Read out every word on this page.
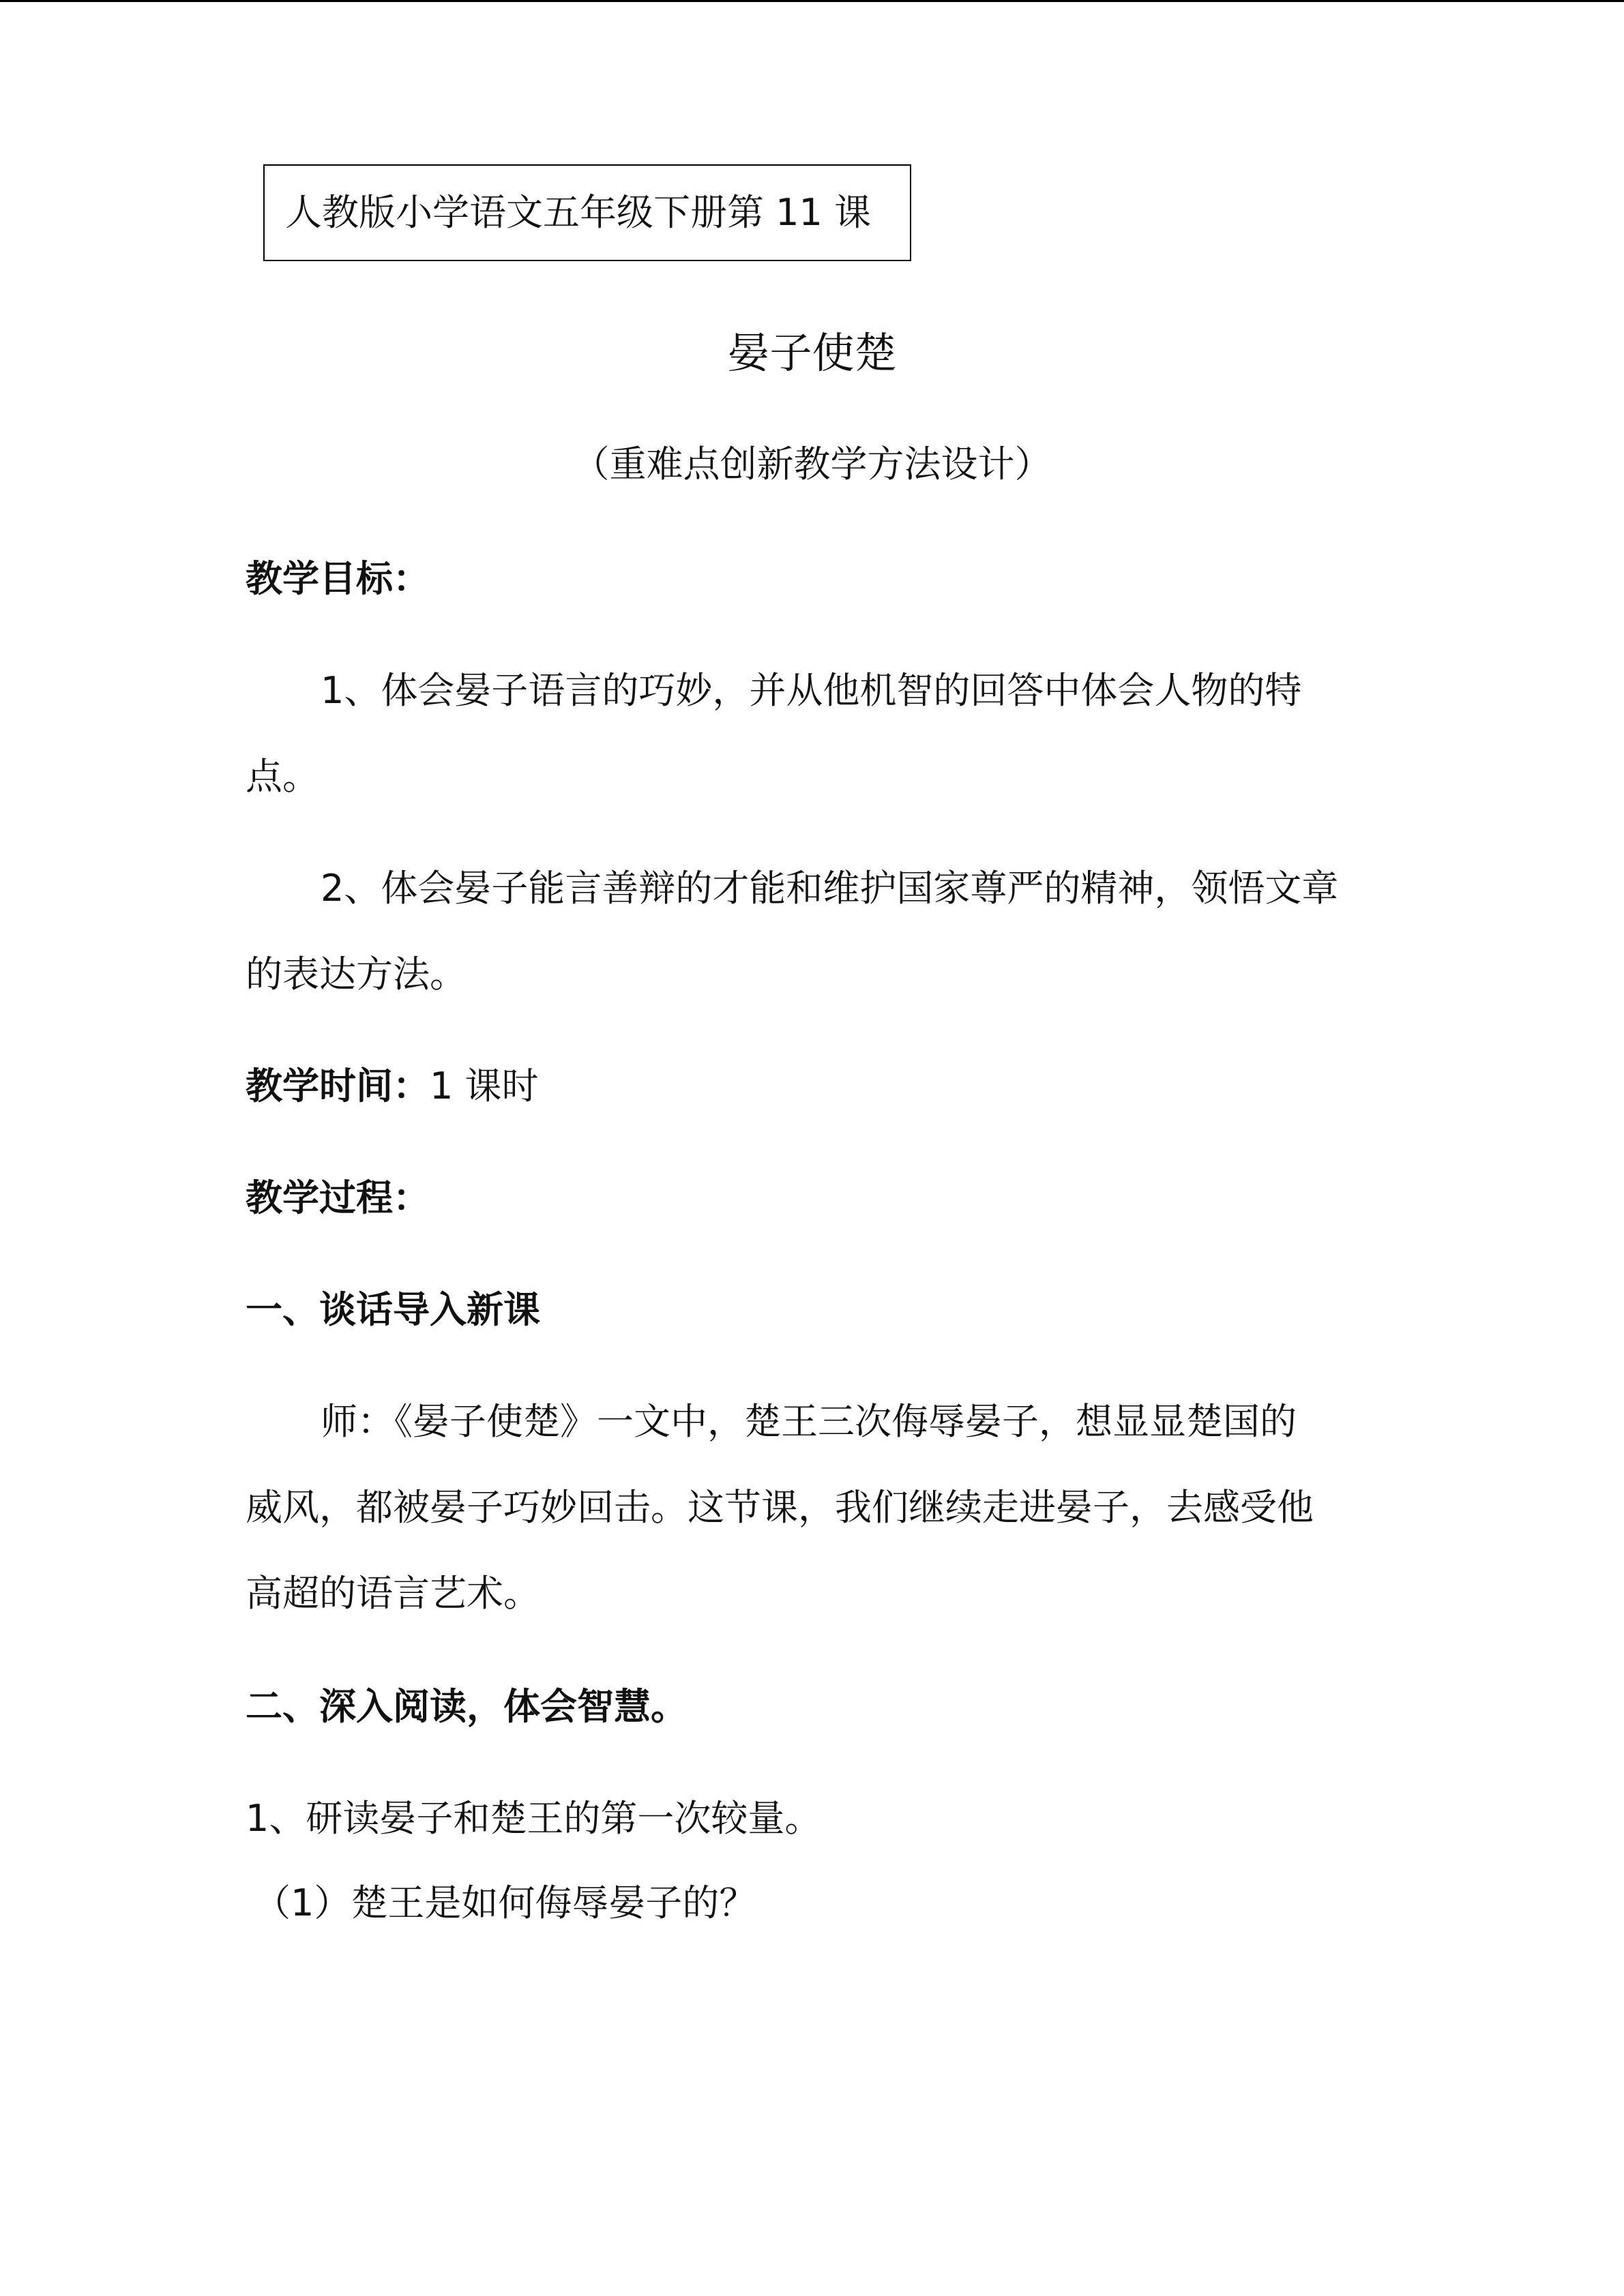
人教版小学语文五年级下册第 11 课
晏子使楚
（重难点创新教学方法设计）
教学目标：
1、体会晏子语言的巧妙，并从他机智的回答中体会人物的特
点。
2、体会晏子能言善辩的才能和维护国家尊严的精神，领悟文章
的表达方法。
教学时间：1 课时
教学过程：
一、谈话导入新课
师：《晏子使楚》一文中，楚王三次侮辱晏子，想显显楚国的
威风，都被晏子巧妙回击。这节课，我们继续走进晏子，去感受他
高超的语言艺术。
二、深入阅读，体会智慧。
1、研读晏子和楚王的第一次较量。
（1）楚王是如何侮辱晏子的？
